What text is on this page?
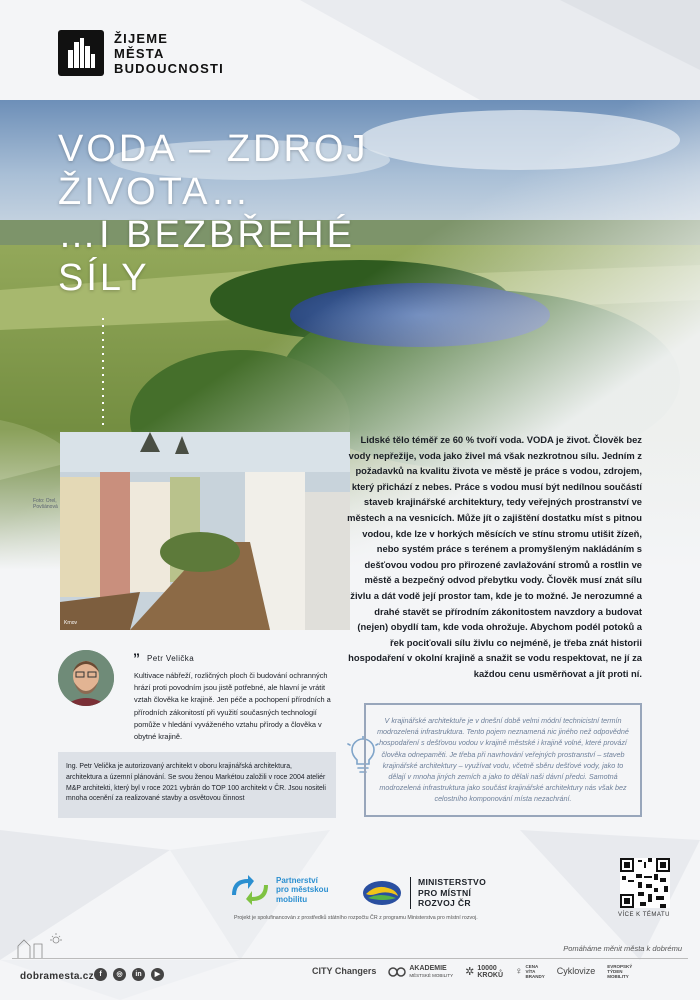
ŽIJEME
MĚSTA
BUDOUCNOSTI
VODA – ZDROJ
ŽIVOTA…
…I BEZBŘEHÉ
SÍLY
Foto: Orel, Povšánová
Krnov

Lidské tělo téměř ze 60 % tvoří voda. VODA je život. Člověk bez vody nepřežije, voda jako živel má však nezkrotnou sílu. Jedním z požadavků na kvalitu života ve městě je práce s vodou, zdrojem, který přichází z nebes. Práce s vodou musí být nedílnou součástí staveb krajinářské architektury, tedy veřejných prostranství ve městech a na vesnicích. Může jít o zajištění dostatku míst s pitnou vodou, kde lze v horkých měsících ve stínu stromu utišit žízeň, nebo systém práce s terénem a promyšleným nakládáním s dešťovou vodou pro přirozené zavlažování stromů a rostlin ve městě a bezpečný odvod přebytku vody. Člověk musí znát sílu živlu a dát vodě její prostor tam, kde je to možné. Je nerozumné a drahé stavět se přírodním zákonitostem navzdory a budovat (nejen) obydlí tam, kde voda ohrožuje. Abychom podél potoků a řek pociťovali sílu živlu co nejméně, je třeba znát historii hospodaření v okolní krajině a snažit se vodu respektovat, ne jí za každou cenu usměrňovat a jít proti ní.

” Petr Velička

Kultivace nábřeží, rozličných ploch či budování ochranných hrází proti povodním jsou jistě potřebné, ale hlavní je vrátit vztah člověka ke krajině. Jen péče a pochopení přírodních a přírodních zákonitostí při využití současných technologií pomůže v hledání vyváženého vztahu přírody a člověka v obytné krajině.

Ing. Petr Velička je autorizovaný architekt v oboru krajinářská architektura, architektura a územní plánování. Se svou ženou Markétou založili v roce 2004 ateliér M&P architekti, který byl v roce 2021 vybrán do TOP 100 architekt v ČR. Jsou nositeli mnoha ocenění za realizované stavby a osvětovou činnost

V krajinářské architektuře je v dnešní době velmi módní technicistní termín modrozelená infrastruktura. Tento pojem neznamená nic jiného než odpovědné hospodaření s dešťovou vodou v krajině městské i krajině volné, které provází člověka odnepaměti. Je třeba při navrhování veřejných prostranství – staveb krajinářské architektury – využívat vodu, včetně sběru dešťové vody, jako to dělají v mnoha jiných zemích a jako to dělali naši dávní předci. Samotná modrozelená infrastruktura jako součást krajinářské architektury nás však bez celostního komponování místa nezachrání.

Partnerství
pro městskou
mobilitu
MINISTERSTVO
PRO MÍSTNÍ
ROZVOJ ČR
Projekt je spolufinancován z prostředků státního rozpočtu ČR z programu Ministerstva pro místní rozvoj.	VÍCE K TÉMATU
Pomáháme měnit města k dobrému
dobramesta.cz f	◎	in	▶	CITY Changers	AKADEMIE
MĚSTSKÉ MOBILITY ✲ 10000
KROKŮ ♀ CENA
VÍTA
BRANDY
Cyklovize	EVROPSKÝ
TÝDEN
MOBILITY
